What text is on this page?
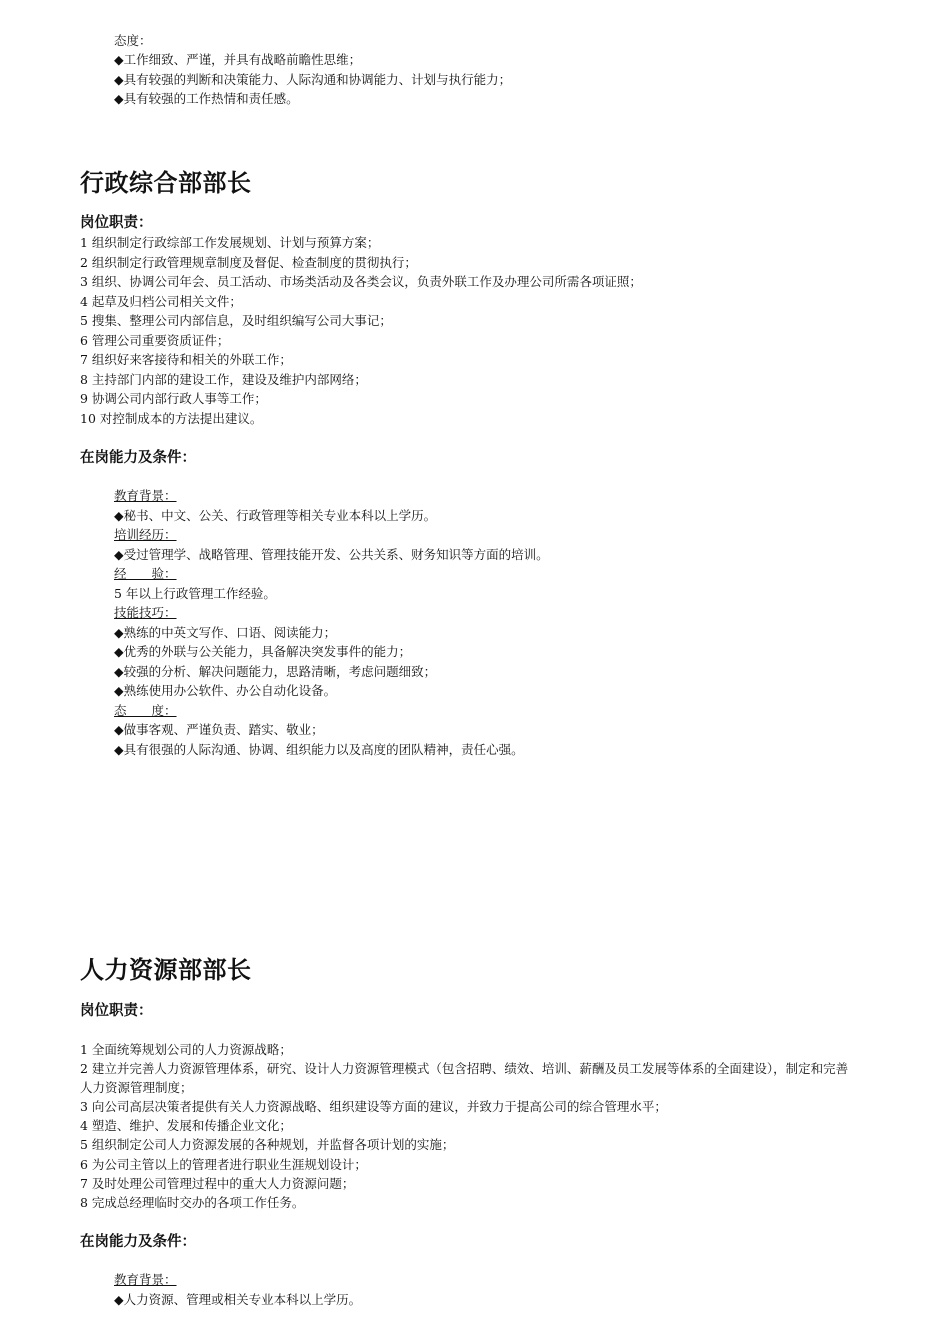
态度：
◆工作细致、严谨，并具有战略前瞻性思维；
◆具有较强的判断和决策能力、人际沟通和协调能力、计划与执行能力；
◆具有较强的工作热情和责任感。
行政综合部部长
岗位职责：
1 组织制定行政综部工作发展规划、计划与预算方案；
2 组织制定行政管理规章制度及督促、检查制度的贯彻执行；
3 组织、协调公司年会、员工活动、市场类活动及各类会议，负责外联工作及办理公司所需各项证照；
4 起草及归档公司相关文件；
5 搜集、整理公司内部信息，及时组织编写公司大事记；
6 管理公司重要资质证件；
7 组织好来客接待和相关的外联工作；
8 主持部门内部的建设工作，建设及维护内部网络；
9 协调公司内部行政人事等工作；
10 对控制成本的方法提出建议。
在岗能力及条件：
教育背景：
◆秘书、中文、公关、行政管理等相关专业本科以上学历。
培训经历：
◆受过管理学、战略管理、管理技能开发、公共关系、财务知识等方面的培训。
经　　验：
5 年以上行政管理工作经验。
技能技巧：
◆熟练的中英文写作、口语、阅读能力；
◆优秀的外联与公关能力，具备解决突发事件的能力；
◆较强的分析、解决问题能力，思路清晰，考虑问题细致；
◆熟练使用办公软件、办公自动化设备。
态　　度：
◆做事客观、严谨负责、踏实、敬业；
◆具有很强的人际沟通、协调、组织能力以及高度的团队精神，责任心强。
人力资源部部长
岗位职责：
1 全面统筹规划公司的人力资源战略；
2 建立并完善人力资源管理体系，研究、设计人力资源管理模式（包含招聘、绩效、培训、薪酬及员工发展等体系的全面建设），制定和完善人力资源管理制度；
3 向公司高层决策者提供有关人力资源战略、组织建设等方面的建议，并致力于提高公司的综合管理水平；
4 塑造、维护、发展和传播企业文化；
5 组织制定公司人力资源发展的各种规划，并监督各项计划的实施；
6 为公司主管以上的管理者进行职业生涯规划设计；
7 及时处理公司管理过程中的重大人力资源问题；
8 完成总经理临时交办的各项工作任务。
在岗能力及条件：
教育背景：
◆人力资源、管理或相关专业本科以上学历。
